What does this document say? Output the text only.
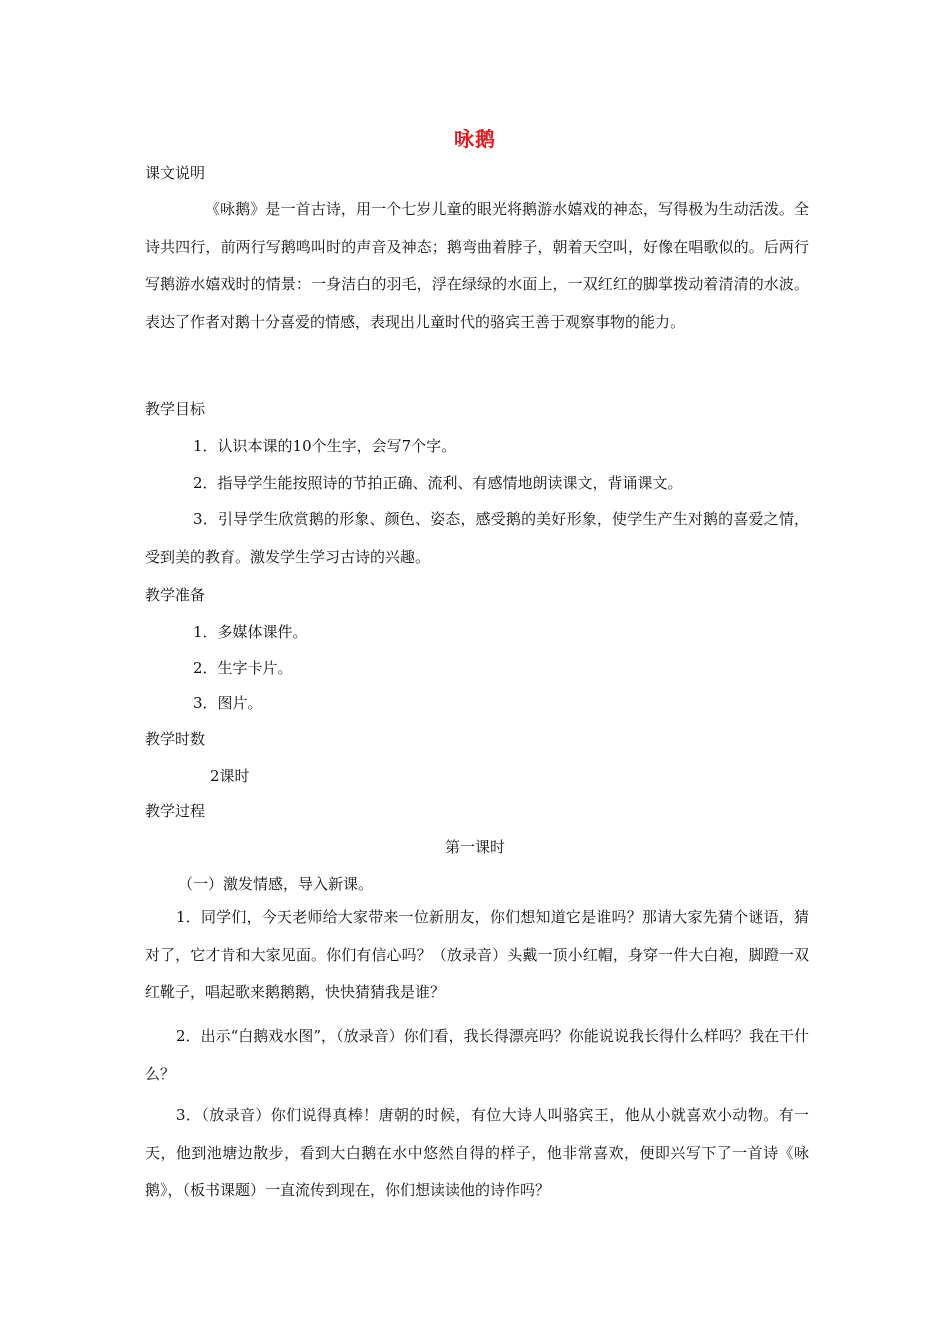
咏鹅
课文说明
《咏鹅》是一首古诗，用一个七岁儿童的眼光将鹅游水嬉戏的神态，写得极为生动活泼。全诗共四行，前两行写鹅鸣叫时的声音及神态；鹅弯曲着脖子，朝着天空叫，好像在唱歌似的。后两行写鹅游水嬉戏时的情景：一身洁白的羽毛，浮在绿绿的水面上，一双红红的脚掌拨动着清清的水波。表达了作者对鹅十分喜爱的情感，表现出儿童时代的骆宾王善于观察事物的能力。
教学目标
1．认识本课的10个生字，会写7个字。
2．指导学生能按照诗的节拍正确、流利、有感情地朗读课文，背诵课文。
3．引导学生欣赏鹅的形象、颜色、姿态，感受鹅的美好形象，使学生产生对鹅的喜爱之情，受到美的教育。激发学生学习古诗的兴趣。
教学准备
1．多媒体课件。
2．生字卡片。
3．图片。
教学时数
2课时
教学过程
第一课时
（一）激发情感，导入新课。
1．同学们，今天老师给大家带来一位新朋友，你们想知道它是谁吗？那请大家先猜个谜语，猜对了，它才肯和大家见面。你们有信心吗？（放录音）头戴一顶小红帽，身穿一件大白袍，脚蹬一双红靴子，唱起歌来鹅鹅鹅，快快猜猜我是谁？
2．出示“白鹅戏水图”，（放录音）你们看，我长得漂亮吗？你能说说我长得什么样吗？我在干什么？
3．（放录音）你们说得真棒！唐朝的时候，有位大诗人叫骆宾王，他从小就喜欢小动物。有一天，他到池塘边散步，看到大白鹅在水中悠然自得的样子，他非常喜欢，便即兴写下了一首诗《咏鹅》，（板书课题）一直流传到现在，你们想读读他的诗作吗？
